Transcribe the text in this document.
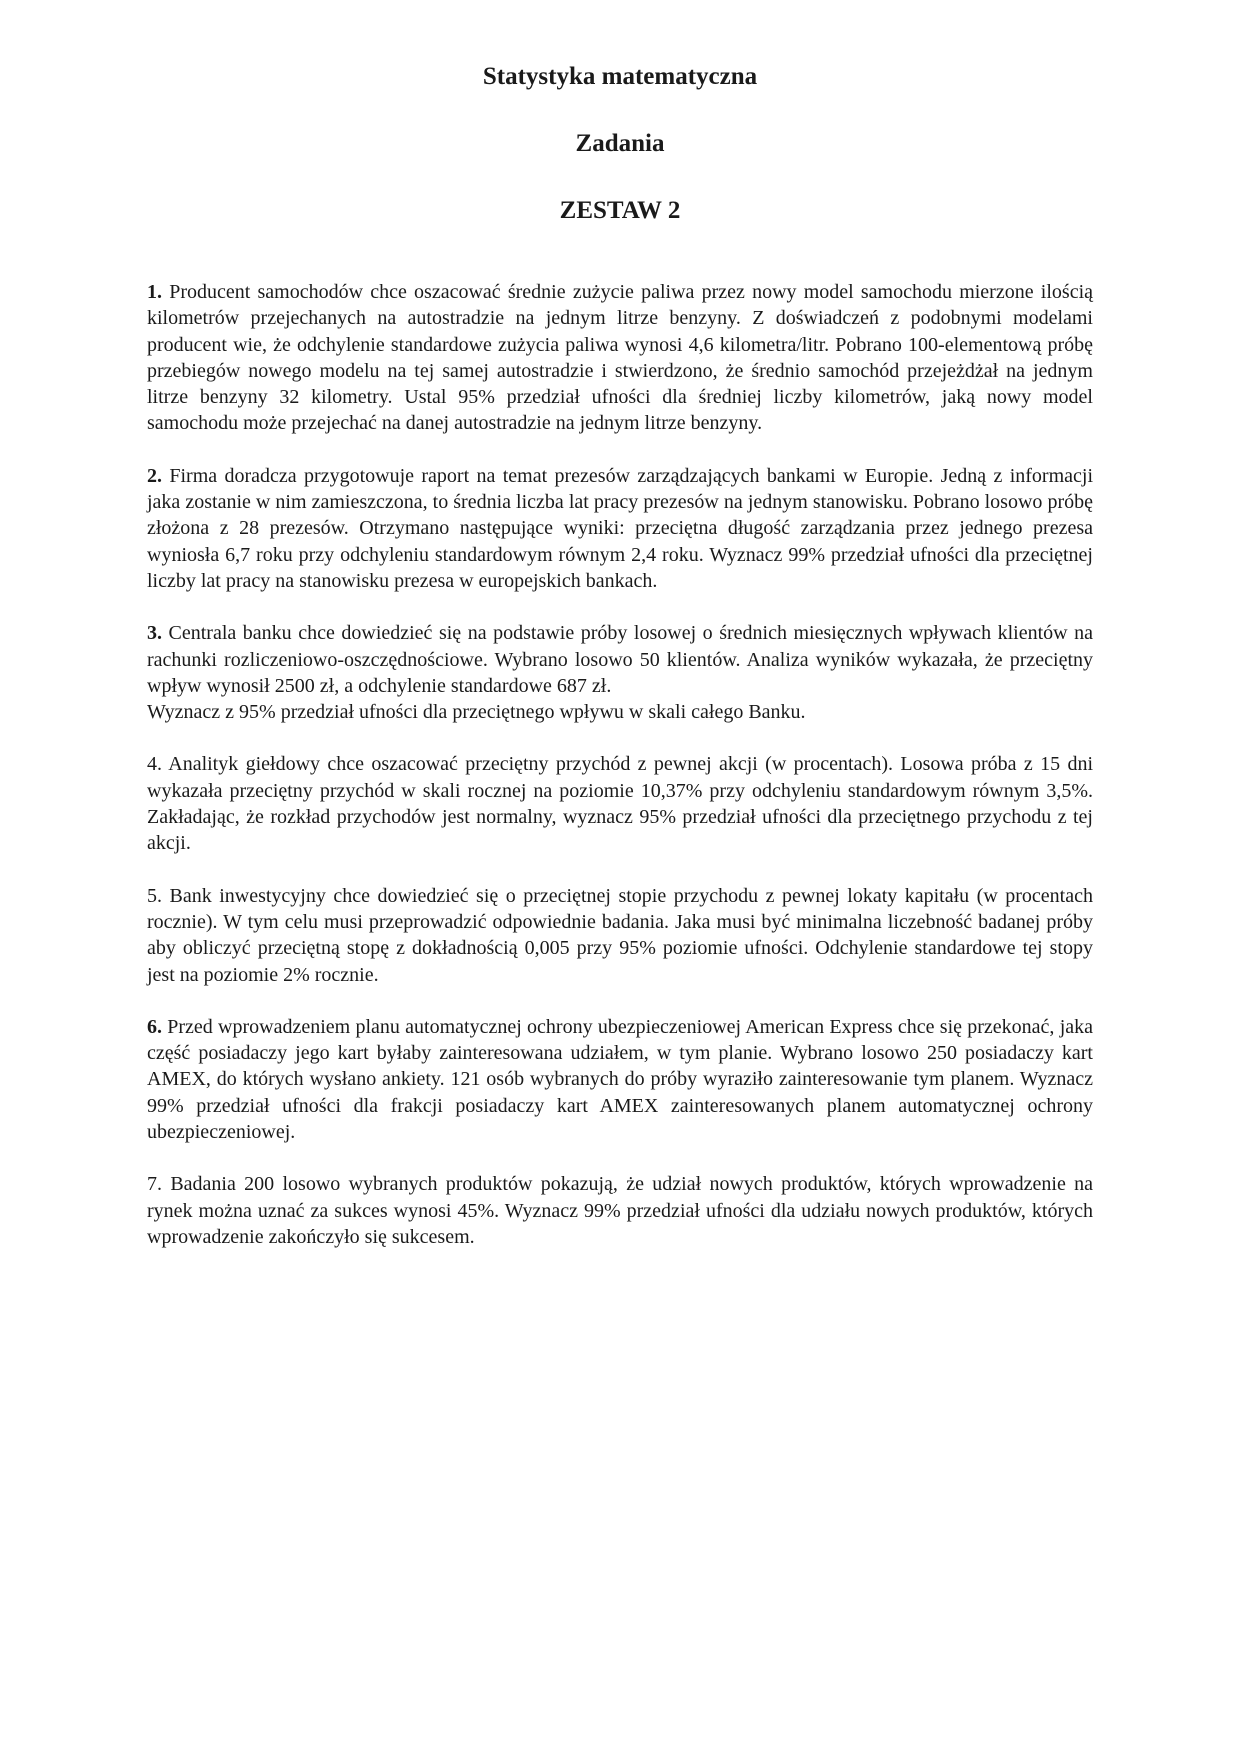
Statystyka matematyczna
Zadania
ZESTAW 2

1. Producent samochodów chce oszacować średnie zużycie paliwa przez nowy model samochodu mierzone ilością kilometrów przejechanych na autostradzie na jednym litrze benzyny. Z doświadczeń z podobnymi modelami producent wie, że odchylenie standardowe zużycia paliwa wynosi 4,6 kilometra/litr. Pobrano 100-elementową próbę przebiegów nowego modelu na tej samej autostradzie i stwierdzono, że średnio samochód przejeżdżał na jednym litrze benzyny 32 kilometry. Ustal 95% przedział ufności dla średniej liczby kilometrów, jaką nowy model samochodu może przejechać na danej autostradzie na jednym litrze benzyny.

2. Firma doradcza przygotowuje raport na temat prezesów zarządzających bankami w Europie. Jedną z informacji jaka zostanie w nim zamieszczona, to średnia liczba lat pracy prezesów na jednym stanowisku. Pobrano losowo próbę złożona z 28 prezesów. Otrzymano następujące wyniki: przeciętna długość zarządzania przez jednego prezesa wyniosła 6,7 roku przy odchyleniu standardowym równym 2,4 roku. Wyznacz 99% przedział ufności dla przeciętnej liczby lat pracy na stanowisku prezesa w europejskich bankach.

3. Centrala banku chce dowiedzieć się na podstawie próby losowej o średnich miesięcznych wpływach klientów na rachunki rozliczeniowo-oszczędnościowe. Wybrano losowo 50 klientów. Analiza wyników wykazała, że przeciętny wpływ wynosił 2500 zł, a odchylenie standardowe 687 zł.
Wyznacz z 95% przedział ufności dla przeciętnego wpływu w skali całego Banku.

4. Analityk giełdowy chce oszacować przeciętny przychód z pewnej akcji (w procentach). Losowa próba z 15 dni wykazała przeciętny przychód w skali rocznej na poziomie 10,37% przy odchyleniu standardowym równym 3,5%. Zakładając, że rozkład przychodów jest normalny, wyznacz 95% przedział ufności dla przeciętnego przychodu z tej akcji.

5. Bank inwestycyjny chce dowiedzieć się o przeciętnej stopie przychodu z pewnej lokaty kapitału (w procentach rocznie). W tym celu musi przeprowadzić odpowiednie badania. Jaka musi być minimalna liczebność badanej próby aby obliczyć przeciętną stopę z dokładnością 0,005 przy 95% poziomie ufności. Odchylenie standardowe tej stopy jest na poziomie 2% rocznie.

6. Przed wprowadzeniem planu automatycznej ochrony ubezpieczeniowej American Express chce się przekonać, jaka część posiadaczy jego kart byłaby zainteresowana udziałem, w tym planie. Wybrano losowo 250 posiadaczy kart AMEX, do których wysłano ankiety. 121 osób wybranych do próby wyraziło zainteresowanie tym planem. Wyznacz 99% przedział ufności dla frakcji posiadaczy kart AMEX zainteresowanych planem automatycznej ochrony ubezpieczeniowej.

7. Badania 200 losowo wybranych produktów pokazują, że udział nowych produktów, których wprowadzenie na rynek można uznać za sukces wynosi 45%. Wyznacz 99% przedział ufności dla udziału nowych produktów, których wprowadzenie zakończyło się sukcesem.
